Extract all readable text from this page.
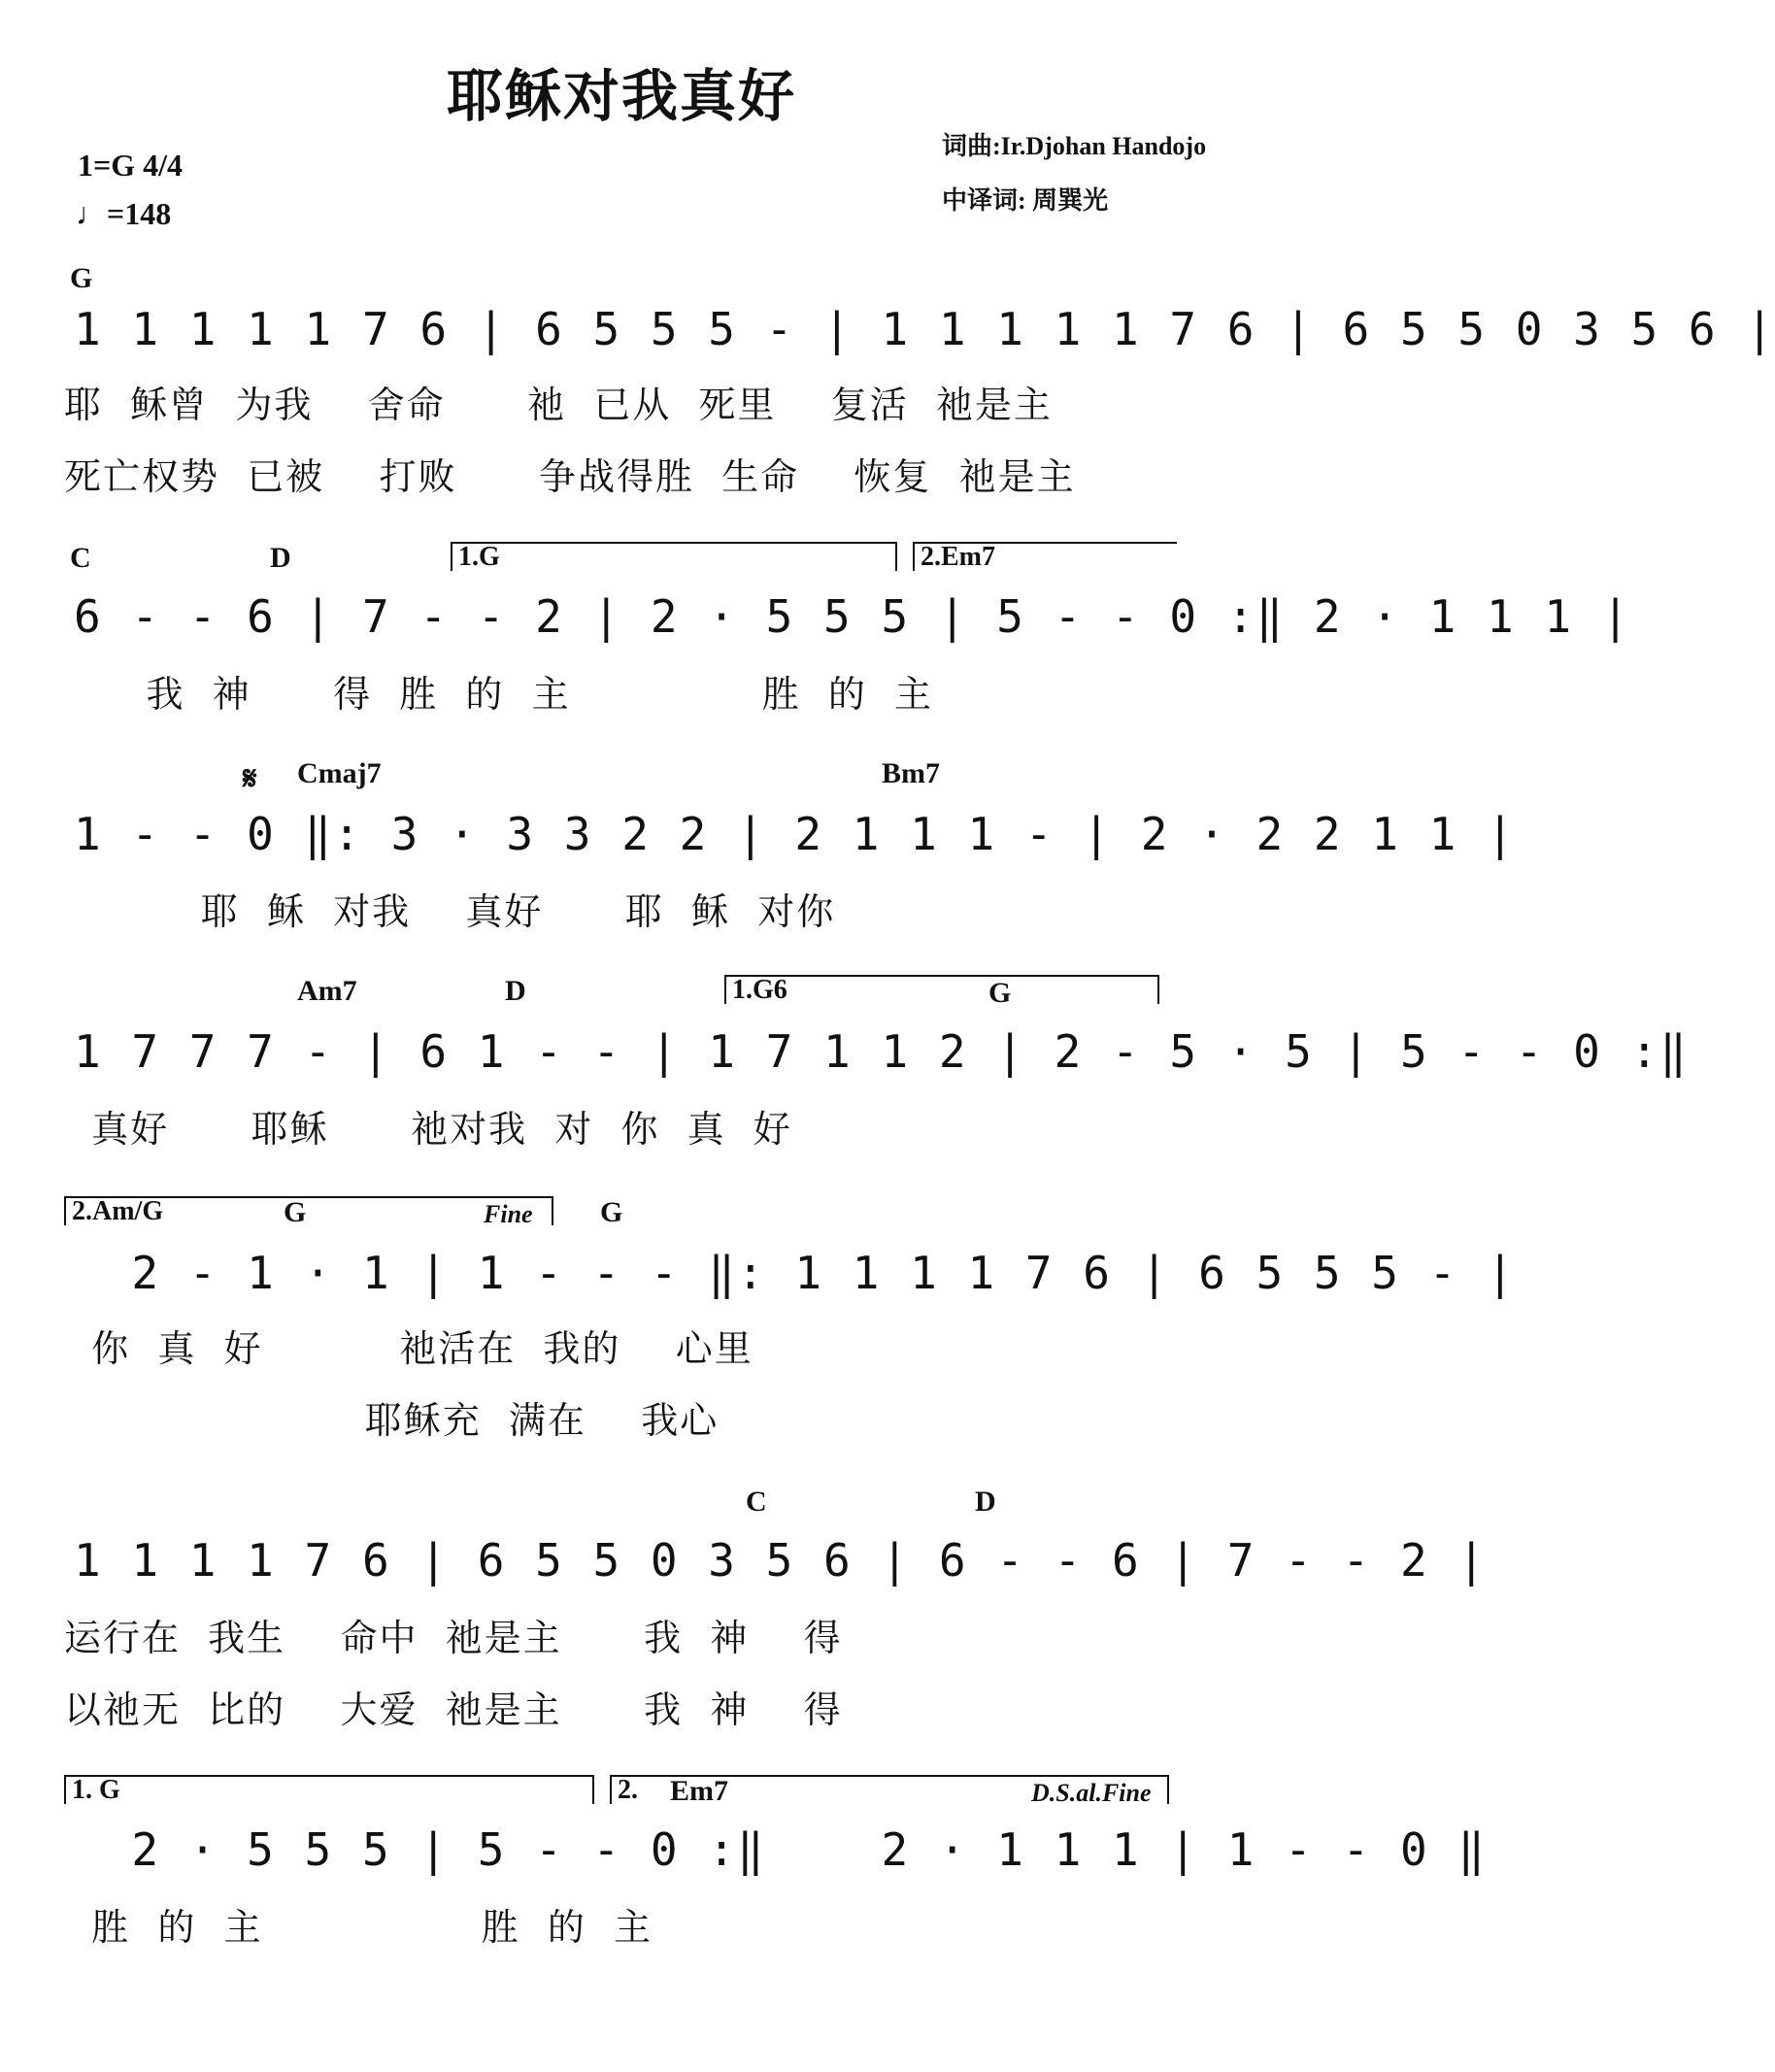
耶稣对我真好
1=G 4/4
♩=148
词曲:Ir.Djohan Handojo
中译词: 周巽光
G
1 1 1 1 1 7 6 | 6 5 5 5 - | 1 1 1 1 1 7 6 | 6 5 5 0 3 5 6 |
耶  稣曾  为我    舍命      祂  已从  死里    复活  祂是主
死亡权势  已被    打败      争战得胜  生命    恢复  祂是主
C	D	1.G	2.Em7
6 - - 6 | 7 - - 2 | 2 · 5 5 5 | 5 - - 0 :‖ 2 · 1 1 1 |
我  神      得  胜  的  主              胜  的  主
𝄋 Cmaj7	Bm7
1 - - 0 ‖: 3 · 3 3 2 2 | 2 1 1 1 - | 2 · 2 2 1 1 |
耶  稣  对我    真好      耶  稣  对你
Am7	D	1.G6	G
1 7 7 7 - | 6 1 - - | 1 7 1 1 2 | 2 - 5 · 5 | 5 - - 0 :‖
真好      耶稣      祂对我  对  你  真  好
2.Am/G	G	Fine G
2 - 1 · 1 | 1 - - - ‖: 1 1 1 1 7 6 | 6 5 5 5 - |
你  真  好          祂活在  我的    心里
耶稣充  满在    我心
C	D
1 1 1 1 7 6 | 6 5 5 0 3 5 6 | 6 - - 6 | 7 - - 2 |
运行在  我生    命中  祂是主      我  神    得
以祂无  比的    大爱  祂是主      我  神    得
1. G	2. Em7	D.S.al.Fine
2 · 5 5 5 | 5 - - 0 :‖    2 · 1 1 1 | 1 - - 0 ‖
胜  的  主                胜  的  主
